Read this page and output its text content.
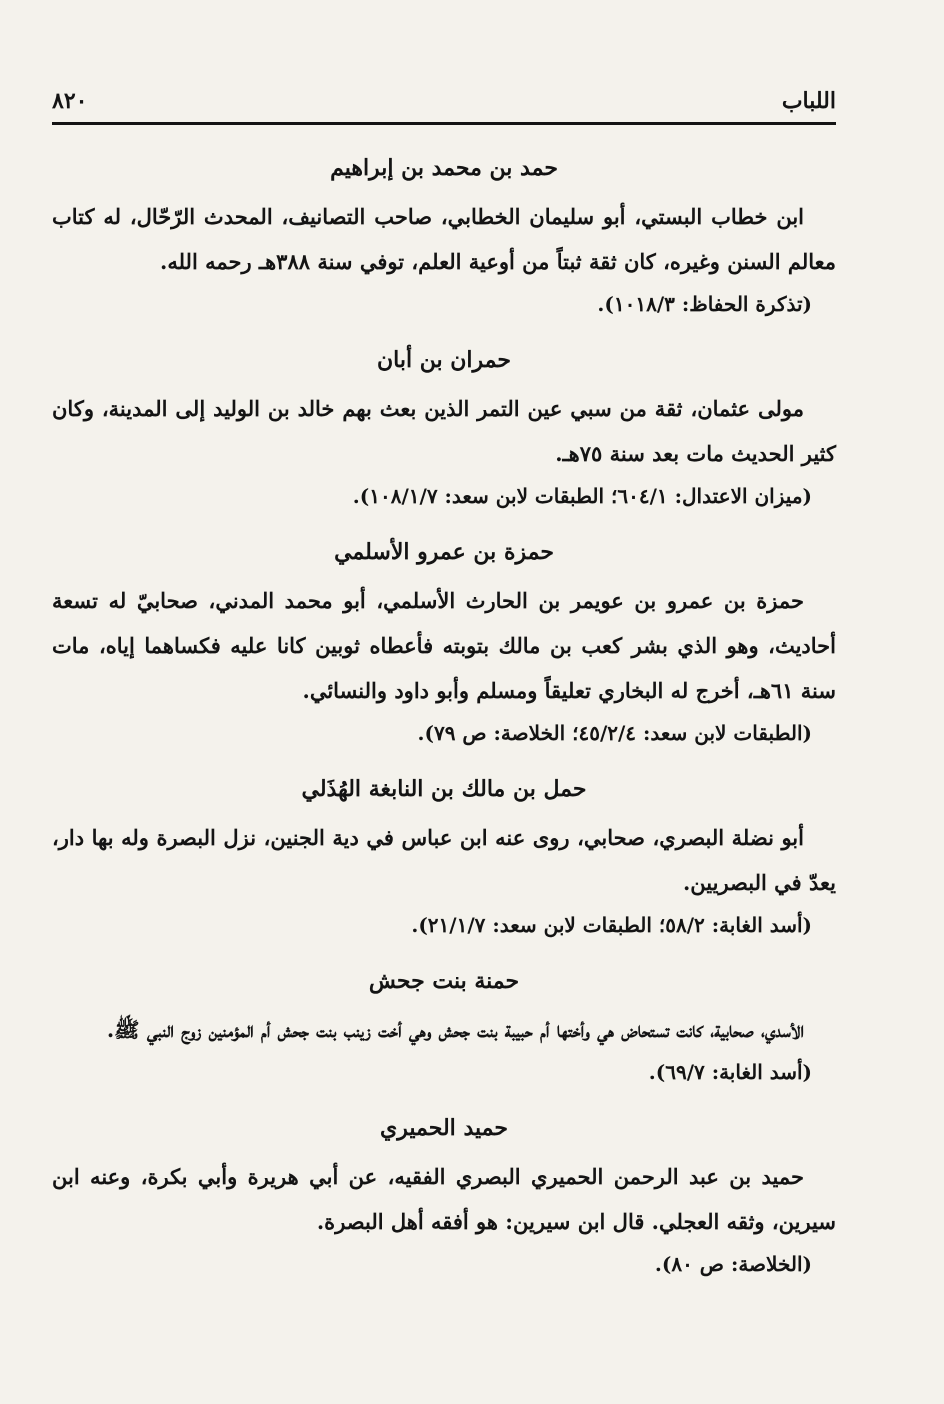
اللباب
٨٢٠
حمد بن محمد بن إبراهيم

ابن خطاب البستي، أبو سليمان الخطابي، صاحب التصانيف، المحدث الرّحّال، له كتاب معالم السنن وغيره، كان ثقة ثبتاً من أوعية العلم، توفي سنة ٣٨٨هـ رحمه الله.

(تذكرة الحفاظ: ١٠١٨/٣).
حمران بن أبان

مولى عثمان، ثقة من سبي عين التمر الذين بعث بهم خالد بن الوليد إلى المدينة، وكان كثير الحديث مات بعد سنة ٧٥هـ.

(ميزان الاعتدال: ٦٠٤/١؛ الطبقات لابن سعد: ١٠٨/١/٧).
حمزة بن عمرو الأسلمي

حمزة بن عمرو بن عويمر بن الحارث الأسلمي، أبو محمد المدني، صحابيّ له تسعة أحاديث، وهو الذي بشر كعب بن مالك بتوبته فأعطاه ثوبين كانا عليه فكساهما إياه، مات سنة ٦١هـ، أخرج له البخاري تعليقاً ومسلم وأبو داود والنسائي.

(الطبقات لابن سعد: ٤٥/٢/٤؛ الخلاصة: ص ٧٩).
حمل بن مالك بن النابغة الهُذَلي

أبو نضلة البصري، صحابي، روى عنه ابن عباس في دية الجنين، نزل البصرة وله بها دار، يعدّ في البصريين.

(أسد الغابة: ٥٨/٢؛ الطبقات لابن سعد: ٢١/١/٧).
حمنة بنت جحش

الأسدي، صحابية، كانت تستحاض هي وأختها أم حبيبة بنت جحش وهي أخت زينب بنت جحش أم المؤمنين زوج النبي ﷺ.

(أسد الغابة: ٦٩/٧).
حميد الحميري

حميد بن عبد الرحمن الحميري البصري الفقيه، عن أبي هريرة وأبي بكرة، وعنه ابن سيرين، وثقه العجلي. قال ابن سيرين: هو أفقه أهل البصرة.

(الخلاصة: ص ٨٠).
